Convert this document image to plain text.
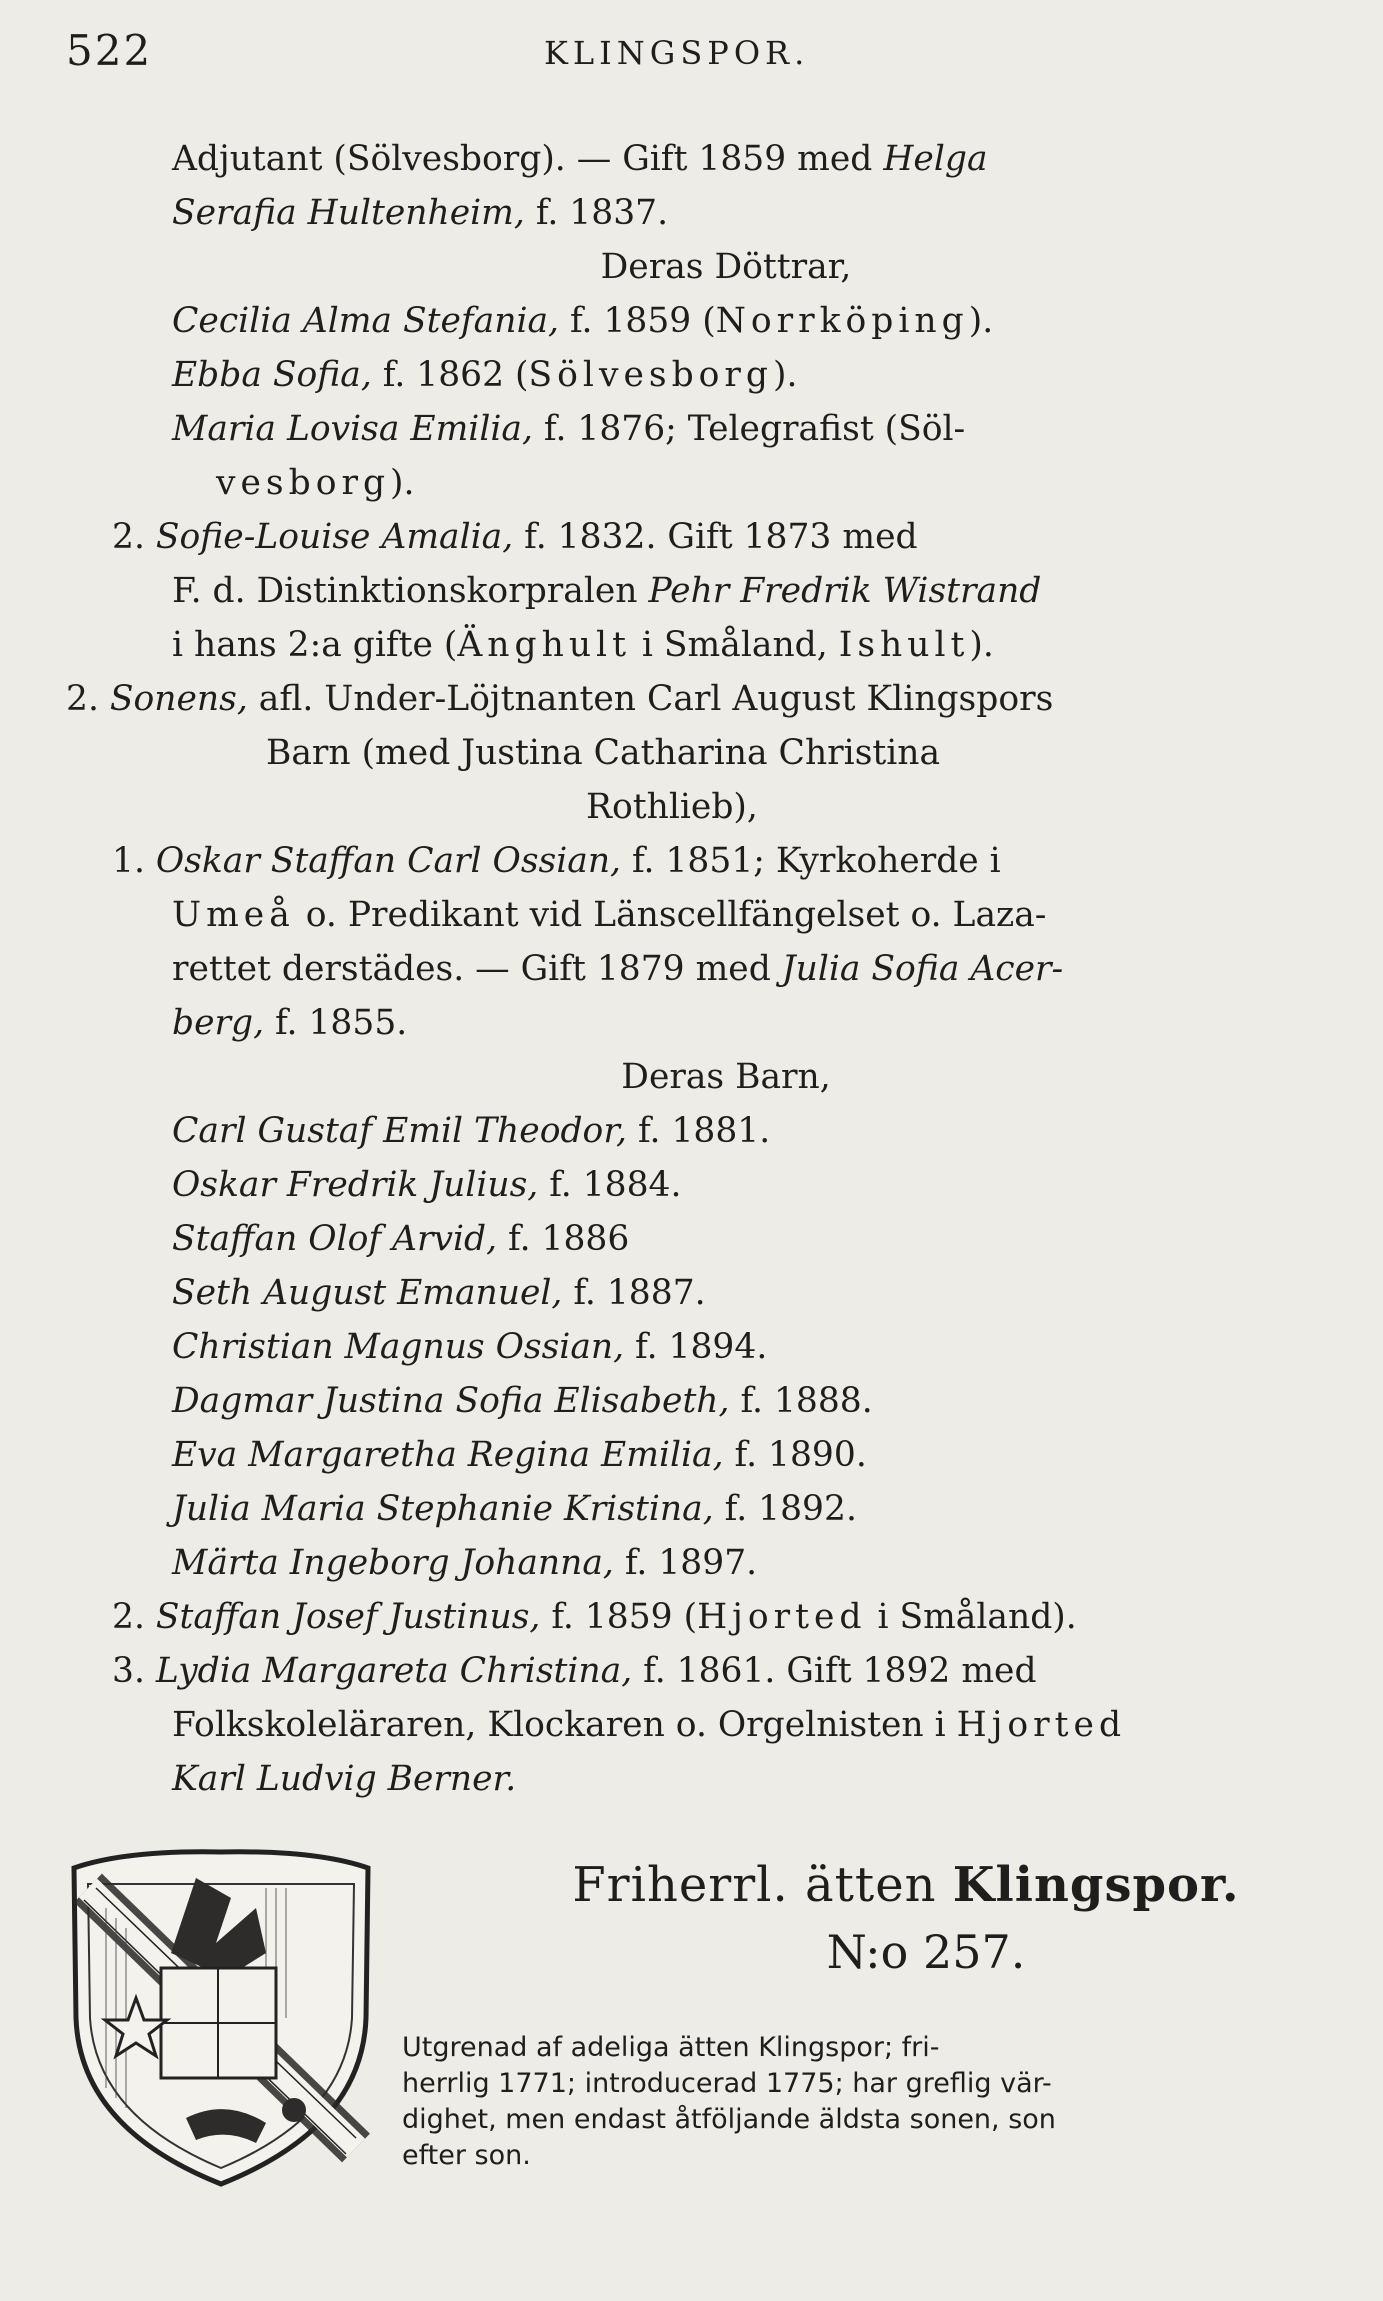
522	KLINGSPOR.
Adjutant (Sölvesborg). — Gift 1859 med Helga
Serafia Hultenheim, f. 1837.
Deras Döttrar,
Cecilia Alma Stefania, f. 1859 (Norrköping).
Ebba Sofia, f. 1862 (Sölvesborg).
Maria Lovisa Emilia, f. 1876; Telegrafist (Söl-
vesborg).
2. Sofie-Louise Amalia, f. 1832. Gift 1873 med
F. d. Distinktionskorpralen Pehr Fredrik Wistrand
i hans 2:a gifte (Änghult i Småland, Ishult).
2. Sonens, afl. Under-Löjtnanten Carl August Klingspors
Barn (med Justina Catharina Christina
Rothlieb),
1. Oskar Staffan Carl Ossian, f. 1851; Kyrkoherde i
Umeå o. Predikant vid Länscellfängelset o. Laza-
rettet derstädes. — Gift 1879 med Julia Sofia Acer-
berg, f. 1855.
Deras Barn,
Carl Gustaf Emil Theodor, f. 1881.
Oskar Fredrik Julius, f. 1884.
Staffan Olof Arvid, f. 1886
Seth August Emanuel, f. 1887.
Christian Magnus Ossian, f. 1894.
Dagmar Justina Sofia Elisabeth, f. 1888.
Eva Margaretha Regina Emilia, f. 1890.
Julia Maria Stephanie Kristina, f. 1892.
Märta Ingeborg Johanna, f. 1897.
2. Staffan Josef Justinus, f. 1859 (Hjorted i Småland).
3. Lydia Margareta Christina, f. 1861. Gift 1892 med
Folkskoleläraren, Klockaren o. Orgelnisten i Hjorted
Karl Ludvig Berner.
Friherrl. ätten Klingspor.
N:o 257.
Utgrenad af adeliga ätten Klingspor; fri-
herrlig 1771; introducerad 1775; har greflig vär-
dighet, men endast åtföljande äldsta sonen, son
efter son.
